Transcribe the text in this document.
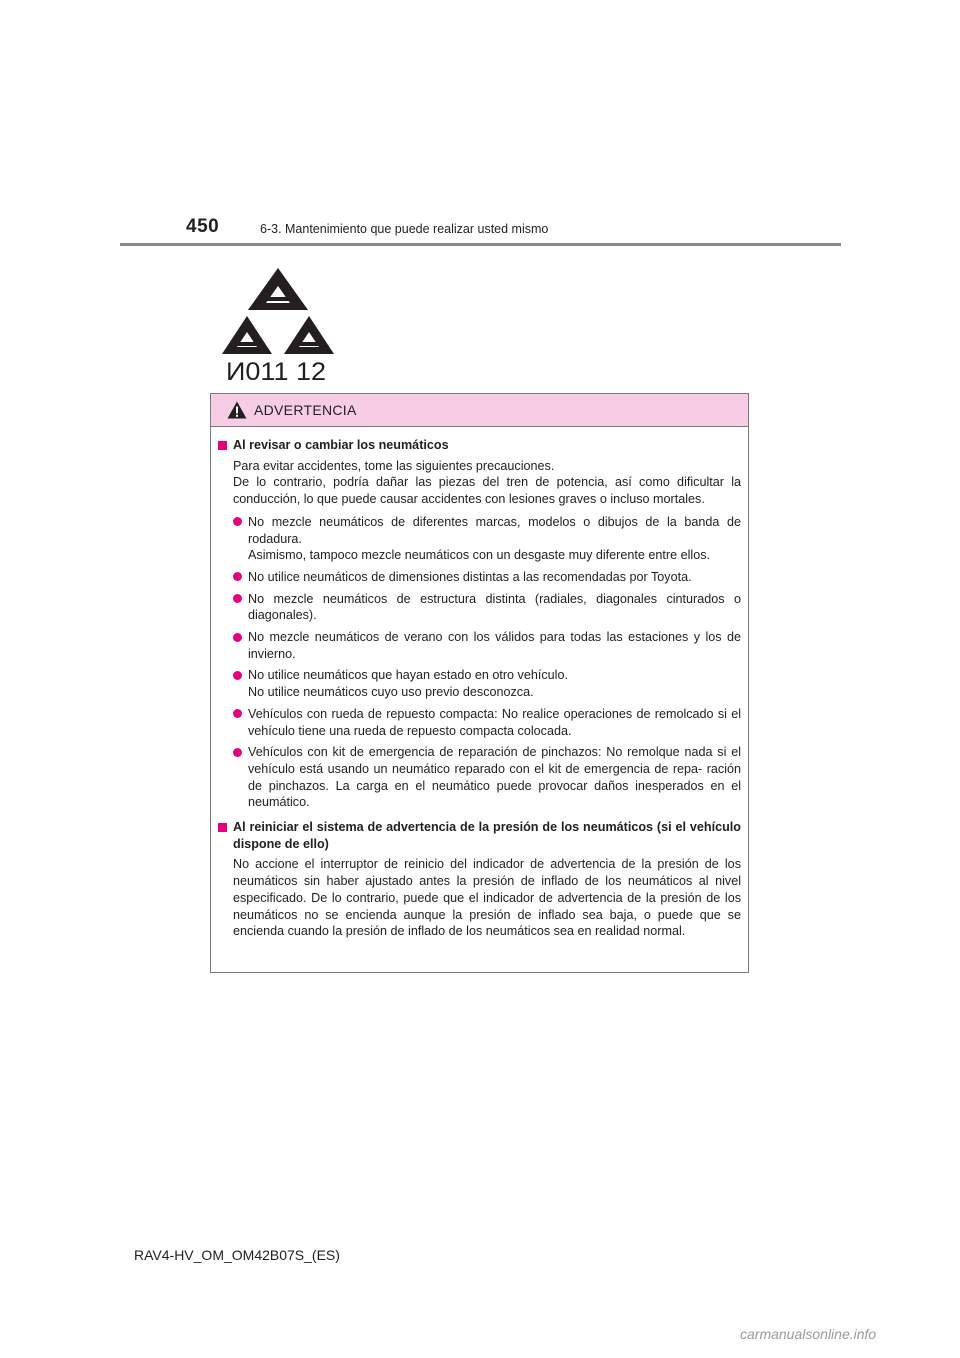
450	6-3. Mantenimiento que puede realizar usted mismo
И011 12
ADVERTENCIA
Al revisar o cambiar los neumáticos

Para evitar accidentes, tome las siguientes precauciones.

De lo contrario, podría dañar las piezas del tren de potencia, así como dificultar la conducción, lo que puede causar accidentes con lesiones graves o incluso mortales.

No mezcle neumáticos de diferentes marcas, modelos o dibujos de la banda de rodadura.

Asimismo, tampoco mezcle neumáticos con un desgaste muy diferente entre ellos.

No utilice neumáticos de dimensiones distintas a las recomendadas por Toyota.

No mezcle neumáticos de estructura distinta (radiales, diagonales cinturados o diagonales).

No mezcle neumáticos de verano con los válidos para todas las estaciones y los de invierno.

No utilice neumáticos que hayan estado en otro vehículo.

No utilice neumáticos cuyo uso previo desconozca.

Vehículos con rueda de repuesto compacta: No realice operaciones de remolcado si el vehículo tiene una rueda de repuesto compacta colocada.

Vehículos con kit de emergencia de reparación de pinchazos: No remolque nada si el vehículo está usando un neumático reparado con el kit de emergencia de repa- ración de pinchazos. La carga en el neumático puede provocar daños inesperados en el neumático.

Al reiniciar el sistema de advertencia de la presión de los neumáticos (si el vehículo dispone de ello)

No accione el interruptor de reinicio del indicador de advertencia de la presión de los neumáticos sin haber ajustado antes la presión de inflado de los neumáticos al nivel especificado. De lo contrario, puede que el indicador de advertencia de la presión de los neumáticos no se encienda aunque la presión de inflado sea baja, o puede que se encienda cuando la presión de inflado de los neumáticos sea en realidad normal.

RAV4-HV_OM_OM42B07S_(ES)
carmanualsonline.info
